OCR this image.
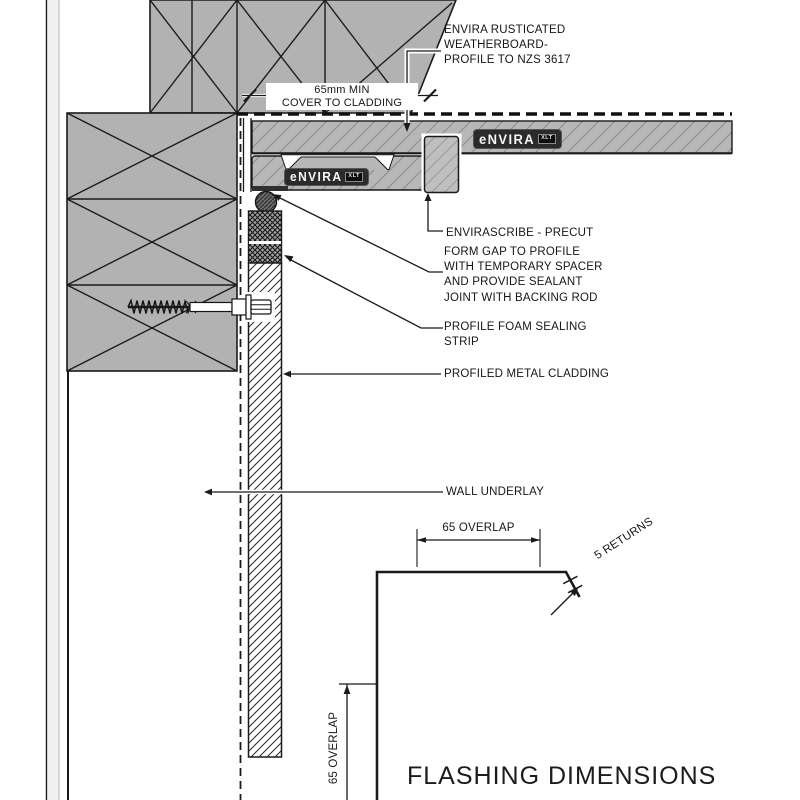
ENVIRA RUSTICATED
WEATHERBOARD-
PROFILE TO NZS 3617
65mm MIN
COVER TO CLADDING
ENVIRASCRIBE - PRECUT
FORM GAP TO PROFILE
WITH TEMPORARY SPACER
AND PROVIDE SEALANT
JOINT WITH BACKING ROD
PROFILE FOAM SEALING
STRIP
PROFILED METAL CLADDING
WALL UNDERLAY
65 OVERLAP	5 RETURNS
65 OVERLAP	FLASHING DIMENSIONS
eNVIRA	XLT
eNVIRA	XLT
